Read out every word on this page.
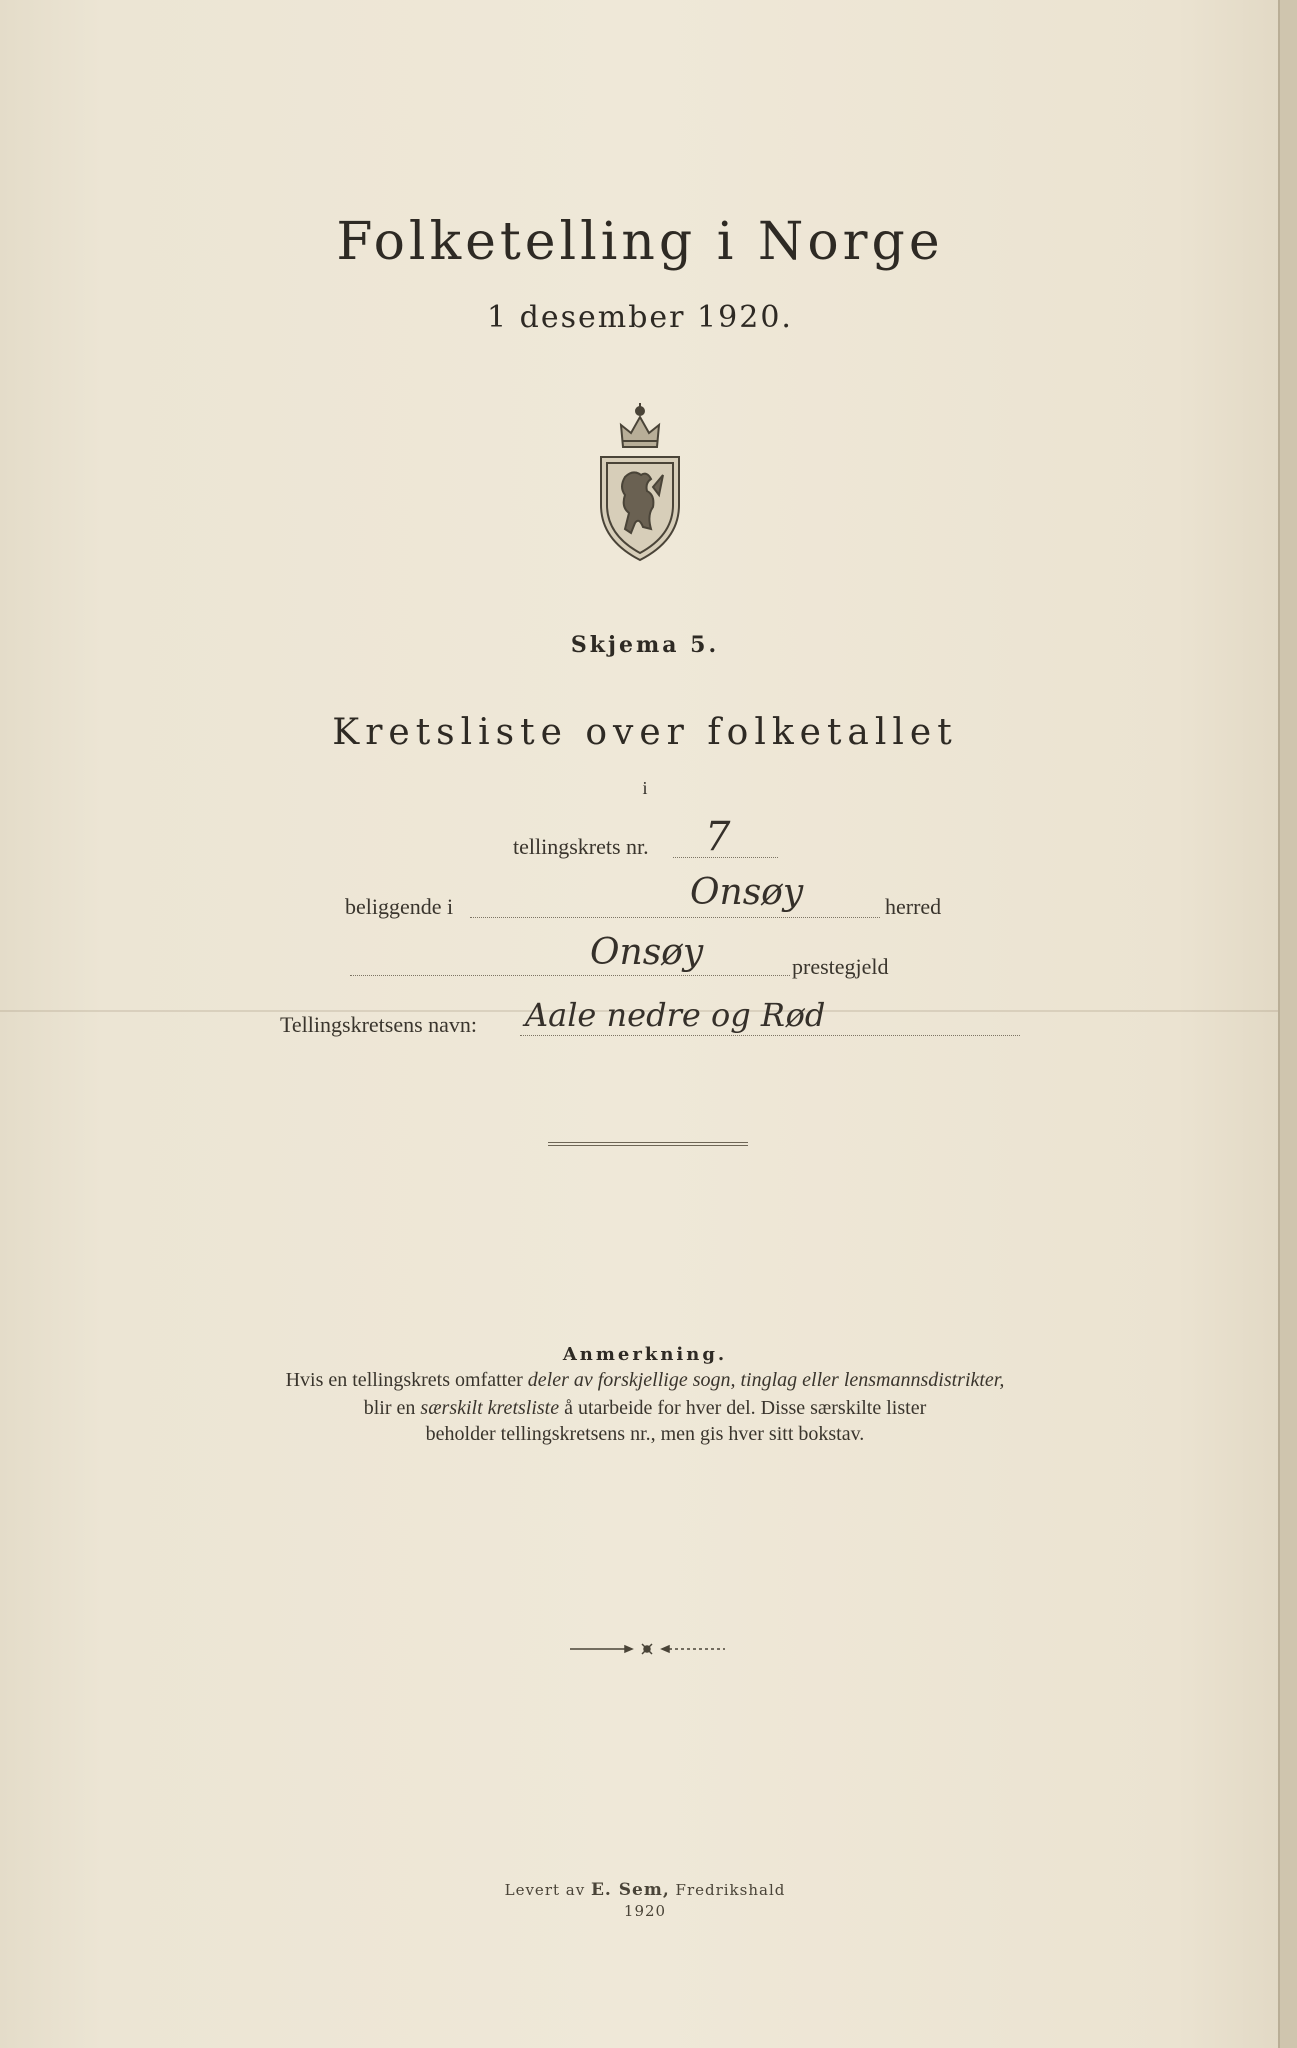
Folketelling i Norge
1 desember 1920.
Skjema 5.
Kretsliste over folketallet
i
tellingskrets nr. 7
beliggende i	Onsøy	herred
Onsøy	prestegjeld
Tellingskretsens navn: Aale nedre og Rød
Anmerkning.
Hvis en tellingskrets omfatter deler av forskjellige sogn, tinglag eller lensmannsdistrikter,
blir en særskilt kretsliste å utarbeide for hver del. Disse særskilte lister
beholder tellingskretsens nr., men gis hver sitt bokstav.
Levert av E. Sem, Fredrikshald
1920
